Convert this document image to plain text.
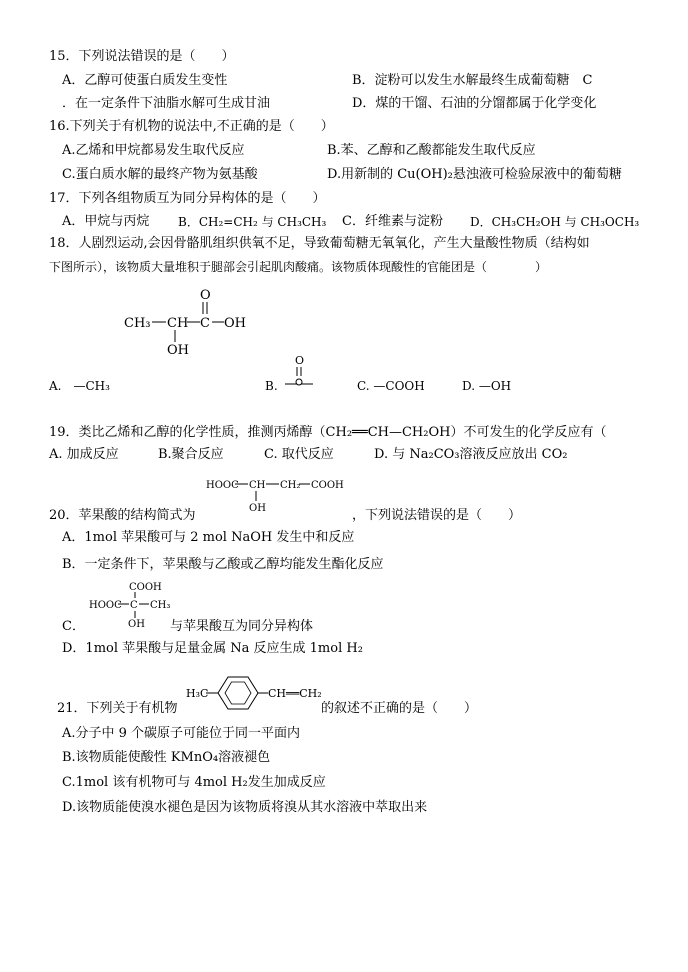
15．下列说法错误的是（　　）
A．乙醇可使蛋白质发生变性	B．淀粉可以发生水解最终生成葡萄糖　C
．在一定条件下油脂水解可生成甘油	D．煤的干馏、石油的分馏都属于化学变化
16.下列关于有机物的说法中,不正确的是（　　）
A.乙烯和甲烷都易发生取代反应	B.苯、乙醇和乙酸都能发生取代反应
C.蛋白质水解的最终产物为氨基酸	D.用新制的 Cu(OH)₂悬浊液可检验尿液中的葡萄糖
17．下列各组物质互为同分异构体的是（　　）
A．甲烷与丙烷 B．CH₂=CH₂ 与 CH₃CH₃ C．纤维素与淀粉 D．CH₃CH₂OH 与 CH₃OCH₃
18．人剧烈运动,会因骨骼肌组织供氧不足，导致葡萄糖无氧氧化，产生大量酸性物质（结构如
下图所示），该物质大量堆积于腿部会引起肌肉酸痛。该物质体现酸性的官能团是（　　　　）
O
CH₃ CH C OH
OH
A.　—CH₃	B.
O
C. —COOH	D. —OH
19．类比乙烯和乙醇的化学性质，推测丙烯醇（CH₂══CH—CH₂OH）不可发生的化学反应有（
A. 加成反应	B.聚合反应	C. 取代反应	D. 与 Na₂CO₃溶液反应放出 CO₂
HOOC CH CH₂ COOH
OH
20．苹果酸的结构简式为	，下列说法错误的是（　　）
A．1mol 苹果酸可与 2 mol NaOH 发生中和反应
B．一定条件下，苹果酸与乙酸或乙醇均能发生酯化反应
COOH
HOOC C CH₃
OH
C．	与苹果酸互为同分异构体
D．1mol 苹果酸与足量金属 Na 反应生成 1mol H₂
H₃C	CH══CH₂
21．下列关于有机物	的叙述不正确的是（　　）
A.分子中 9 个碳原子可能位于同一平面内
B.该物质能使酸性 KMnO₄溶液褪色
C.1mol 该有机物可与 4mol H₂发生加成反应
D.该物质能使溴水褪色是因为该物质将溴从其水溶液中萃取出来
